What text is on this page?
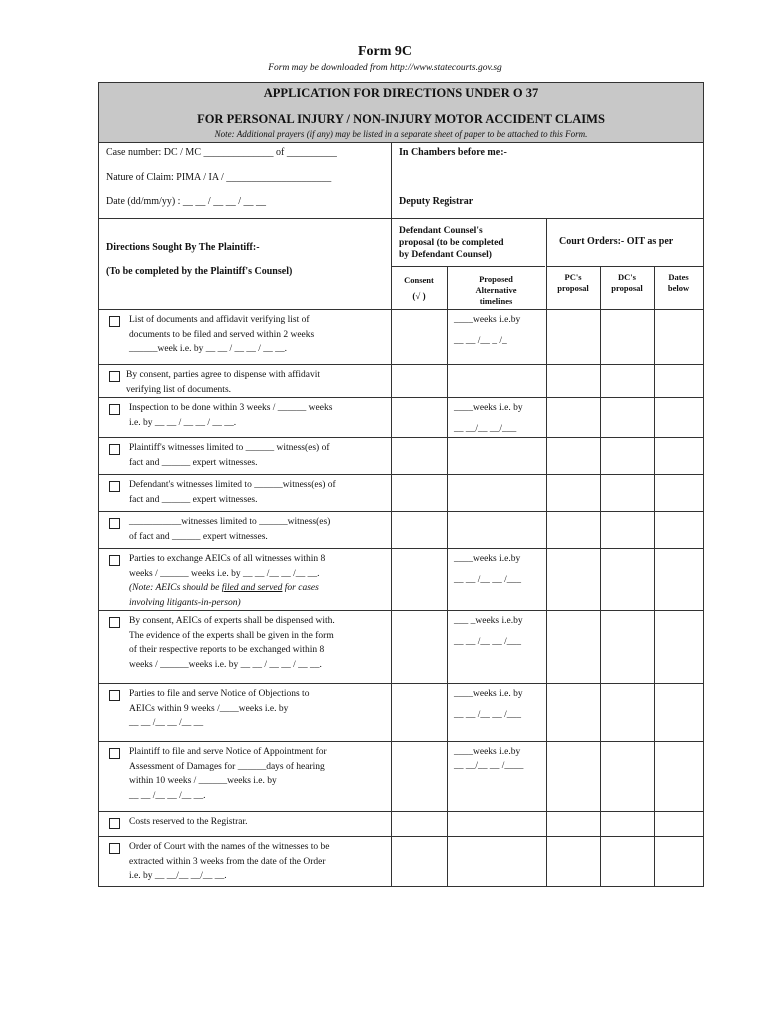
Form 9C
Form may be downloaded from http://www.statecourts.gov.sg
APPLICATION FOR DIRECTIONS UNDER O 37
FOR PERSONAL INJURY / NON-INJURY MOTOR ACCIDENT CLAIMS
Note: Additional prayers (if any) may be listed in a separate sheet of paper to be attached to this Form.
Case number: DC / MC ______________ of __________
Nature of Claim: PIMA / IA / _____________________
Date (dd/mm/yy) : __ __ / __ __ / __ __
In Chambers before me:-
Deputy Registrar
Directions Sought By The Plaintiff:-
(To be completed by the Plaintiff's Counsel)
Defendant Counsel's
proposal (to be completed
by Defendant Counsel)
Court Orders:- OIT as per
Consent
(√ )
Proposed
Alternative
timelines
PC's
proposal
DC's
proposal
Dates
below
List of documents and affidavit verifying list of
documents to be filed and served within 2 weeks
______week i.e. by __ __ / __ __ / __ __.
____weeks i.e.by
__ __ /__ _ /_
By consent, parties agree to dispense with affidavit
verifying list of documents.
Inspection to be done within 3 weeks / ______ weeks
i.e. by __ __ / __ __ / __ __.
____weeks i.e. by
__ __/__ __/___
Plaintiff's witnesses limited to ______ witness(es) of
fact and ______ expert witnesses.
Defendant's witnesses limited to ______witness(es) of
fact and ______ expert witnesses.
___________witnesses limited to ______witness(es)
of fact and ______ expert witnesses.
Parties to exchange AEICs of all witnesses within 8
weeks / ______ weeks i.e. by __ __ /__ __ /__ __.
(Note: AEICs should be filed and served for cases
involving litigants-in-person)
____weeks i.e.by
__ __ /__ __ /___
By consent, AEICs of experts shall be dispensed with.
The evidence of the experts shall be given in the form
of their respective reports to be exchanged within 8
weeks / ______weeks i.e. by __ __ / __ __ / __ __.
___ _weeks i.e.by
__ __ /__ __ /___
Parties to file and serve Notice of Objections to
AEICs within 9 weeks /____weeks i.e. by
__ __ /__ __ /__ __
____weeks i.e. by
__ __ /__ __ /___
Plaintiff to file and serve Notice of Appointment for
Assessment of Damages for ______days of hearing
within 10 weeks / ______weeks i.e. by
__ __ /__ __ /__ __.
____weeks i.e.by
__ __/__ __ /____
Costs reserved to the Registrar.
Order of Court with the names of the witnesses to be
extracted within 3 weeks from the date of the Order
i.e. by __ __/__ __/__ __.
